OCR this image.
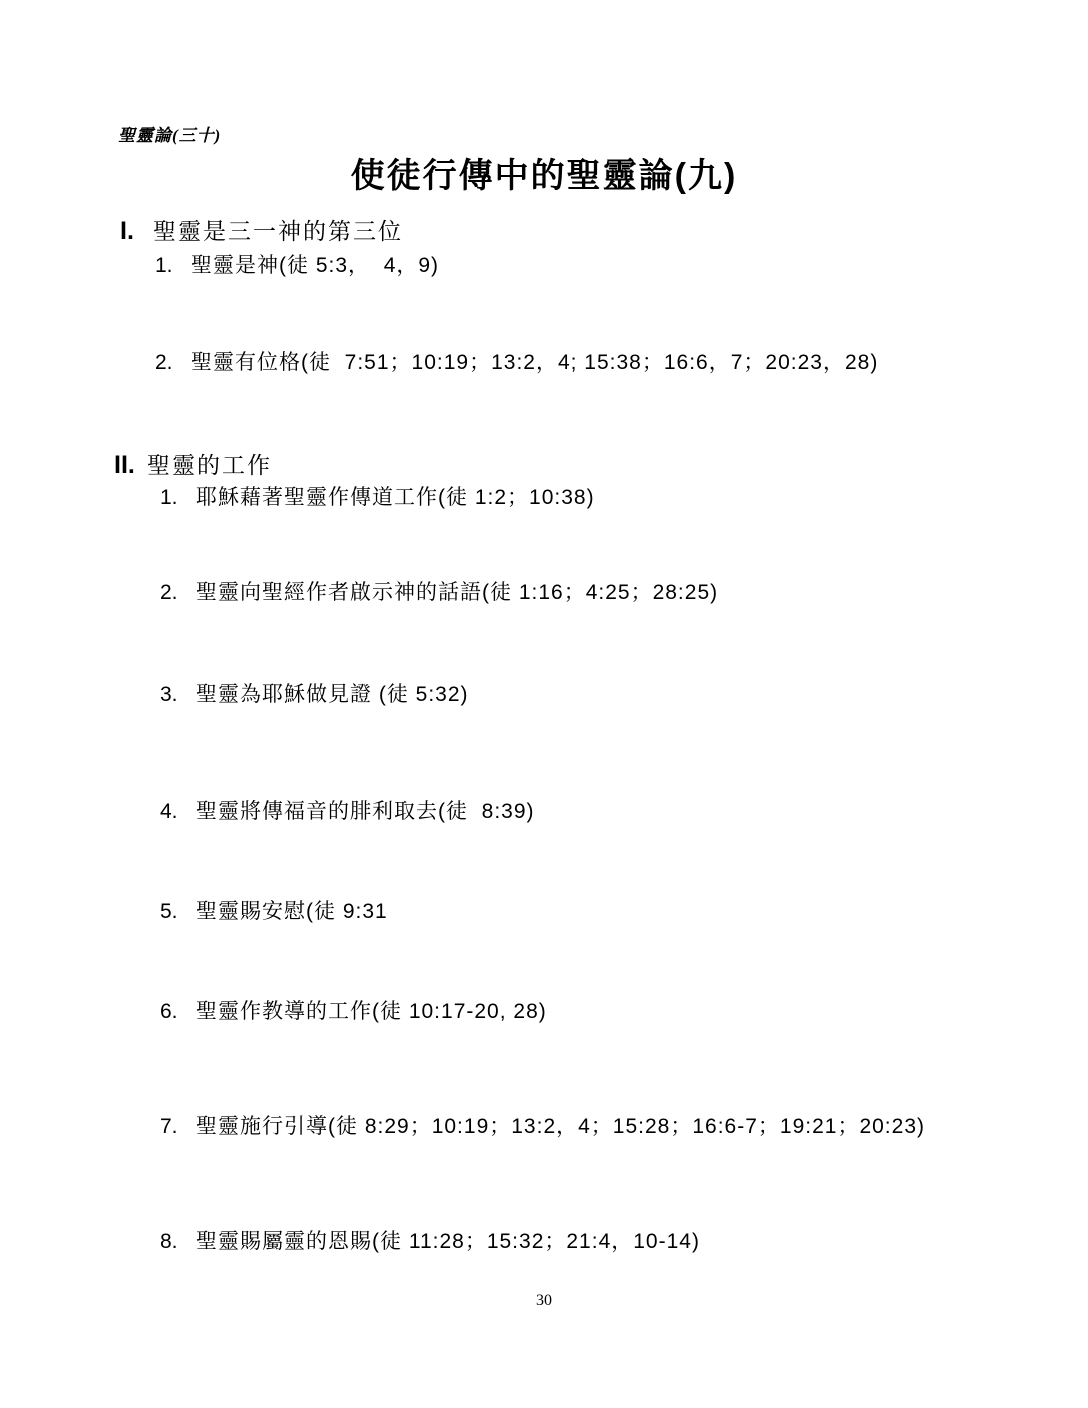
聖靈論(三十)
使徒行傳中的聖靈論(九)
I. 聖靈是三一神的第三位
1. 聖靈是神(徒 5:3，  4，9)
2. 聖靈有位格(徒  7:51；10:19；13:2，4; 15:38；16:6，7；20:23，28)
II. 聖靈的工作
1. 耶穌藉著聖靈作傳道工作(徒 1:2；10:38)
2. 聖靈向聖經作者啟示神的話語(徒 1:16；4:25；28:25)
3. 聖靈為耶穌做見證 (徒 5:32)
4. 聖靈將傳福音的腓利取去(徒  8:39)
5. 聖靈賜安慰(徒 9:31
6. 聖靈作教導的工作(徒 10:17-20, 28)
7. 聖靈施行引導(徒 8:29；10:19；13:2，4；15:28；16:6-7；19:21；20:23)
8. 聖靈賜屬靈的恩賜(徒 11:28；15:32；21:4，10-14)
30
